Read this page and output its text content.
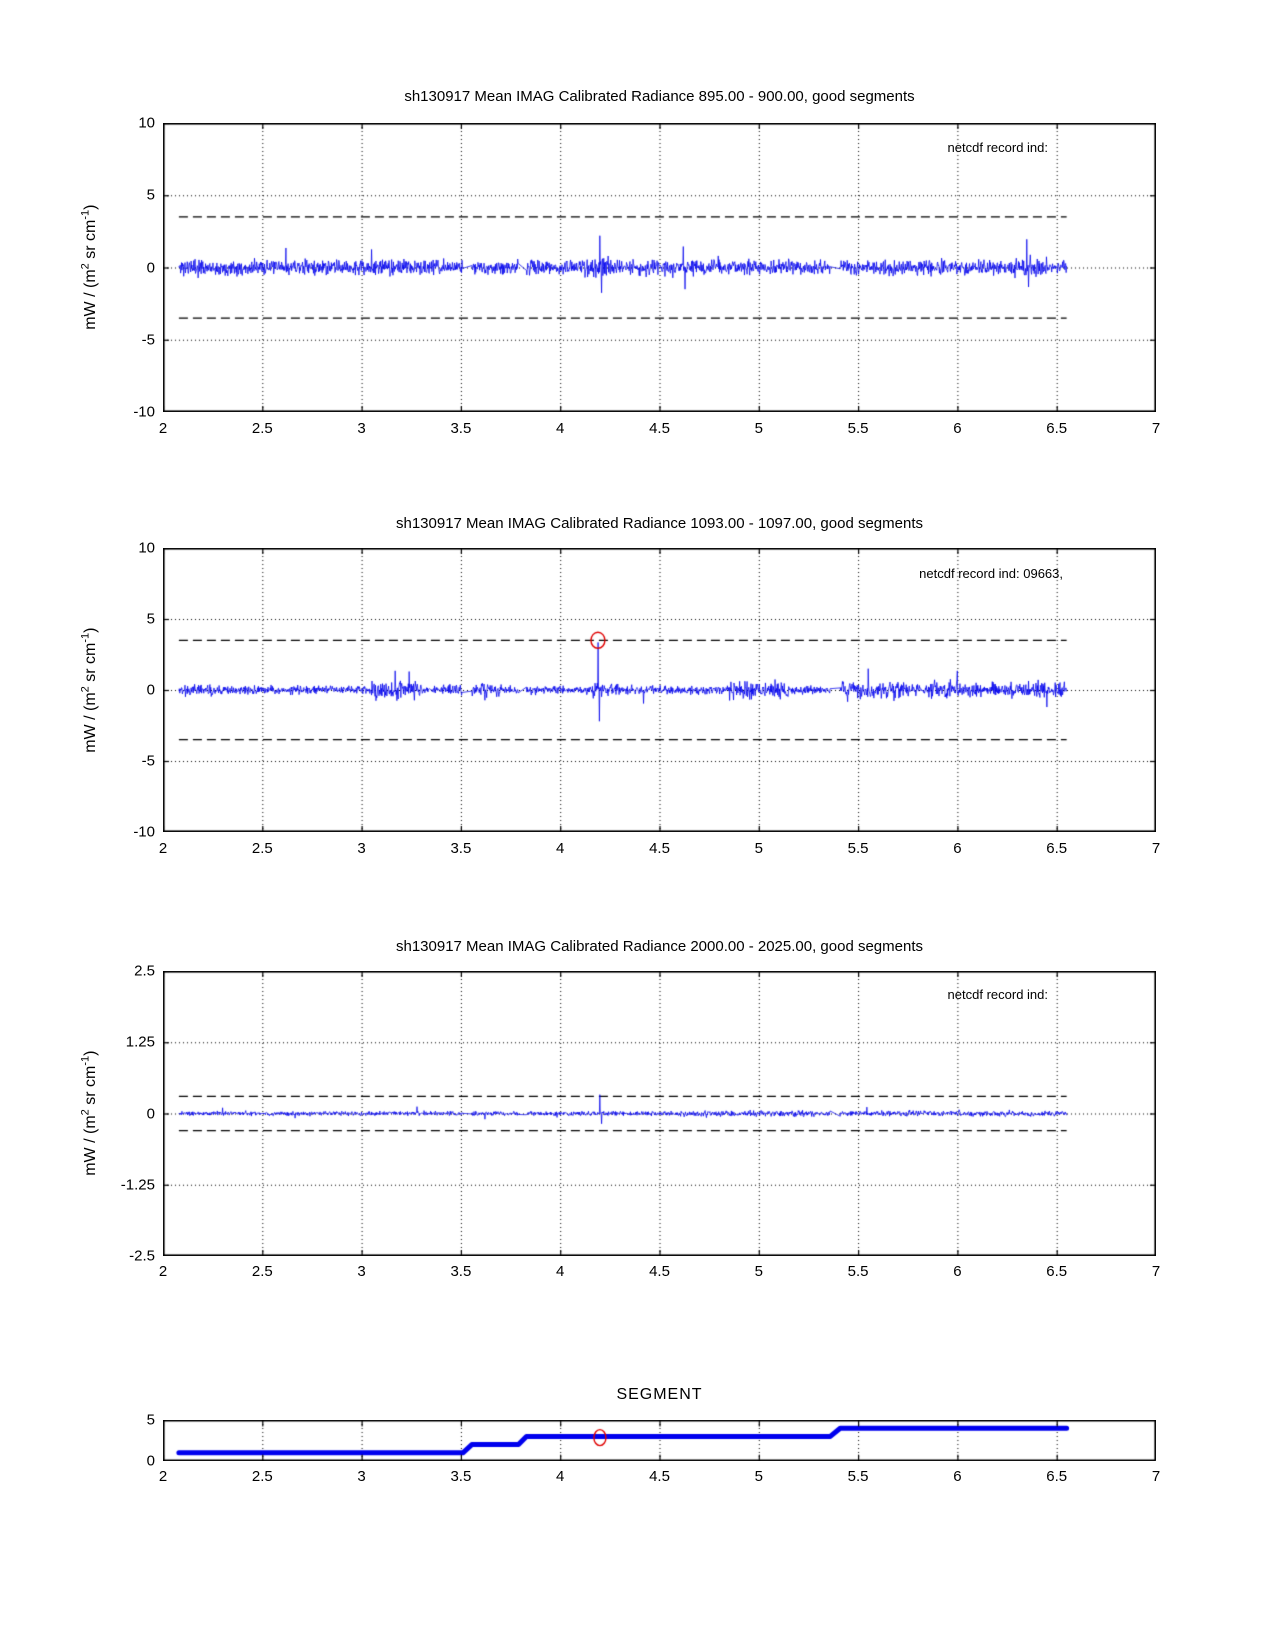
sh130917 Mean IMAG Calibrated Radiance 895.00 - 900.00, good segments
mW / ($m^2$ sr $cm^{-1}$)
10
5
0
-5
-10
netcdf record ind:
2	2.5	3	3.5	4	4.5	5	5.5	6	6.5	7
sh130917 Mean IMAG Calibrated Radiance 1093.00 - 1097.00, good segments
mW / ($m^2$ sr $cm^{-1}$)
10
5
0
-5
-10
netcdf record ind: 09663,
2	2.5	3	3.5	4	4.5	5	5.5	6	6.5	7
sh130917 Mean IMAG Calibrated Radiance 2000.00 - 2025.00, good segments
mW / ($m^2$ sr $cm^{-1}$)
2.5
1.25
0
-1.25
-2.5
netcdf record ind:
2	2.5	3	3.5	4	4.5	5	5.5	6	6.5	7
SEGMENT
5
0
2	2.5	3	3.5	4	4.5	5	5.5	6	6.5	7
